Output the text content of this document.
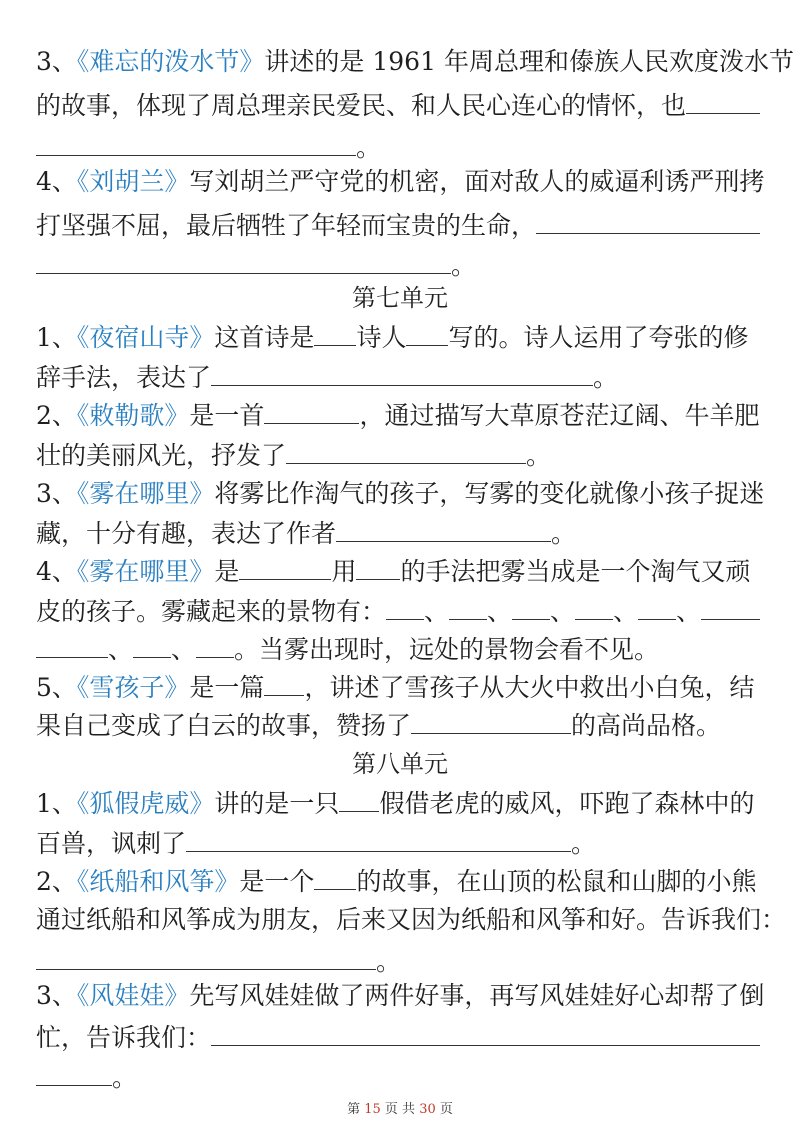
3、《难忘的泼水节》讲述的是 1961 年周总理和傣族人民欢度泼水节
的故事，体现了周总理亲民爱民、和人民心连心的情怀，也
。
4、《刘胡兰》写刘胡兰严守党的机密，面对敌人的威逼利诱严刑拷
打坚强不屈，最后牺牲了年轻而宝贵的生命，
。
第七单元
1、《夜宿山寺》这首诗是 诗人 写的。诗人运用了夸张的修
辞手法，表达了	。
2、《敕勒歌》是一首	，通过描写大草原苍茫辽阔、牛羊肥
壮的美丽风光，抒发了	。
3、《雾在哪里》将雾比作淘气的孩子，写雾的变化就像小孩子捉迷
藏，十分有趣，表达了作者	。
4、《雾在哪里》是	用 的手法把雾当成是一个淘气又顽
皮的孩子。雾藏起来的景物有： 、 、 、 、 、
、 、 。当雾出现时，远处的景物会看不见。
5、《雪孩子》是一篇 ，讲述了雪孩子从大火中救出小白兔，结
果自己变成了白云的故事，赞扬了	的高尚品格。
第八单元
1、《狐假虎威》讲的是一只 假借老虎的威风，吓跑了森林中的
百兽，讽刺了	。
2、《纸船和风筝》是一个 的故事，在山顶的松鼠和山脚的小熊
通过纸船和风筝成为朋友，后来又因为纸船和风筝和好。告诉我们：
。
3、《风娃娃》先写风娃娃做了两件好事，再写风娃娃好心却帮了倒
忙，告诉我们：
。
第 15 页 共 30 页
